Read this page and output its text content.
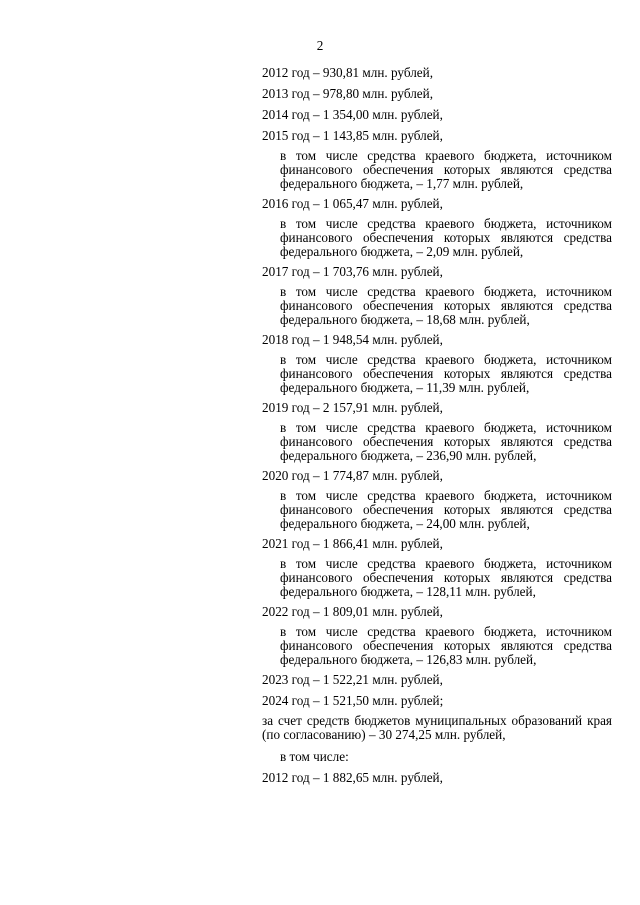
2
2012 год – 930,81 млн. рублей,
2013 год – 978,80 млн. рублей,
2014 год – 1 354,00 млн. рублей,
2015 год – 1 143,85 млн. рублей,
в том числе средства краевого бюджета, источником финансового обеспечения которых являются средства федерального бюджета, – 1,77 млн. рублей,
2016 год – 1 065,47 млн. рублей,
в том числе средства краевого бюджета, источником финансового обеспечения которых являются средства федерального бюджета, – 2,09 млн. рублей,
2017 год – 1 703,76 млн. рублей,
в том числе средства краевого бюджета, источником финансового обеспечения которых являются средства федерального бюджета, – 18,68 млн. рублей,
2018 год – 1 948,54 млн. рублей,
в том числе средства краевого бюджета, источником финансового обеспечения которых являются средства федерального бюджета, – 11,39 млн. рублей,
2019 год – 2 157,91 млн. рублей,
в том числе средства краевого бюджета, источником финансового обеспечения которых являются средства федерального бюджета, – 236,90 млн. рублей,
2020 год – 1 774,87 млн. рублей,
в том числе средства краевого бюджета, источником финансового обеспечения которых являются средства федерального бюджета, – 24,00 млн. рублей,
2021 год – 1 866,41 млн. рублей,
в том числе средства краевого бюджета, источником финансового обеспечения которых являются средства федерального бюджета, – 128,11 млн. рублей,
2022 год – 1 809,01 млн. рублей,
в том числе средства краевого бюджета, источником финансового обеспечения которых являются средства федерального бюджета, – 126,83 млн. рублей,
2023 год – 1 522,21 млн. рублей,
2024 год – 1 521,50 млн. рублей;
за счет средств бюджетов муниципальных образований края (по согласованию) – 30 274,25 млн. рублей,
в том числе:
2012 год – 1 882,65 млн. рублей,
